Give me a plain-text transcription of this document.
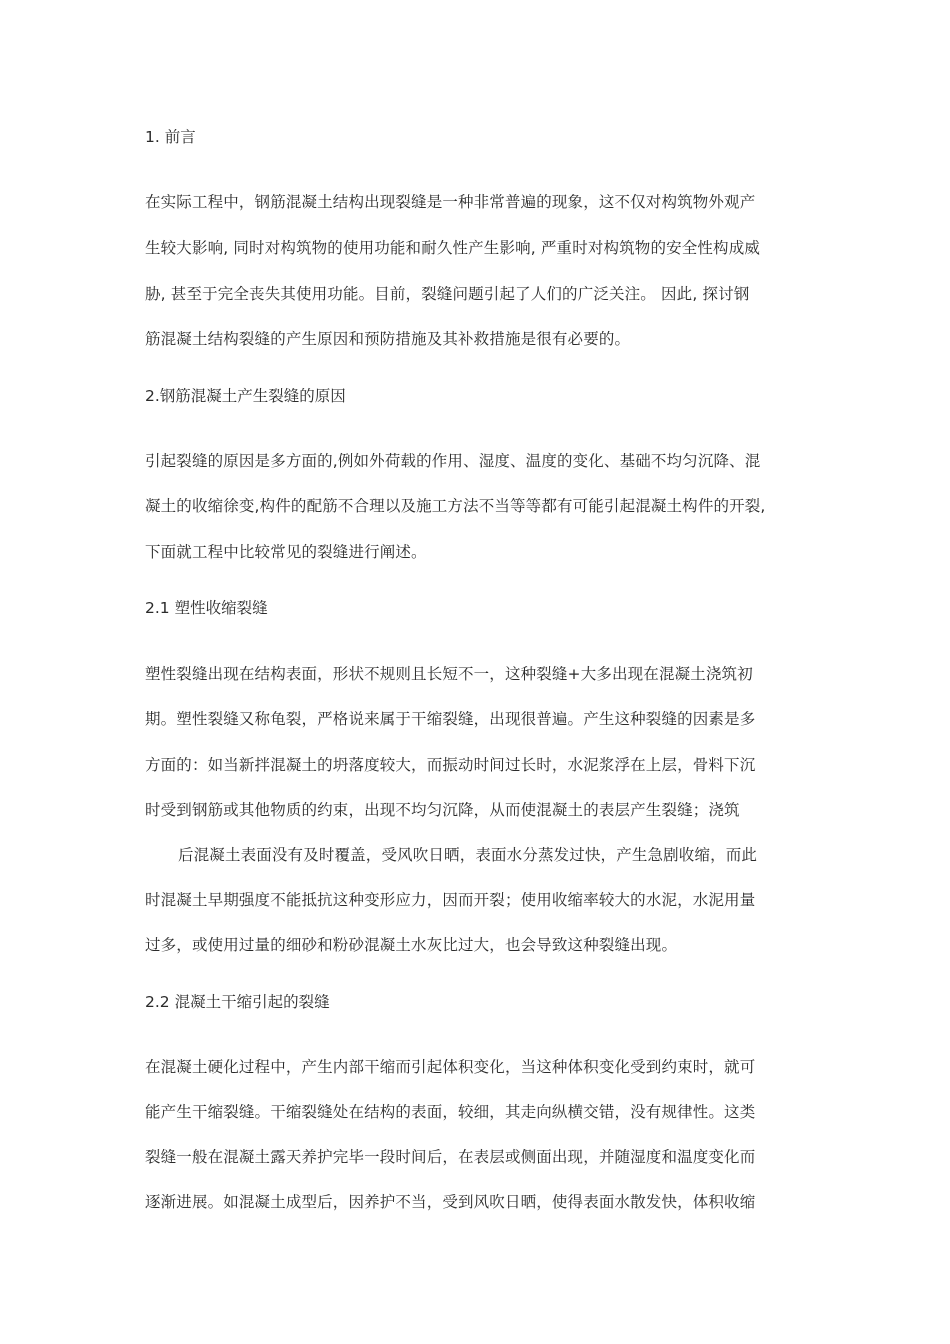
1. 前言
在实际工程中，钢筋混凝土结构出现裂缝是一种非常普遍的现象，这不仅对构筑物外观产
生较大影响, 同时对构筑物的使用功能和耐久性产生影响, 严重时对构筑物的安全性构成威
胁, 甚至于完全丧失其使用功能。目前，裂缝问题引起了人们的广泛关注。 因此, 探讨钢
筋混凝土结构裂缝的产生原因和预防措施及其补救措施是很有必要的。
2.钢筋混凝土产生裂缝的原因
引起裂缝的原因是多方面的,例如外荷载的作用、湿度、温度的变化、基础不均匀沉降、混
凝土的收缩徐变,构件的配筋不合理以及施工方法不当等等都有可能引起混凝土构件的开裂,
下面就工程中比较常见的裂缝进行阐述。
2.1 塑性收缩裂缝
塑性裂缝出现在结构表面，形状不规则且长短不一，这种裂缝+大多出现在混凝土浇筑初
期。塑性裂缝又称龟裂，严格说来属于干缩裂缝，出现很普遍。产生这种裂缝的因素是多
方面的：如当新拌混凝土的坍落度较大，而振动时间过长时，水泥浆浮在上层，骨料下沉
时受到钢筋或其他物质的约束，出现不均匀沉降，从而使混凝土的表层产生裂缝；浇筑
后混凝土表面没有及时覆盖，受风吹日晒，表面水分蒸发过快，产生急剧收缩，而此
时混凝土早期强度不能抵抗这种变形应力，因而开裂；使用收缩率较大的水泥，水泥用量
过多，或使用过量的细砂和粉砂混凝土水灰比过大，也会导致这种裂缝出现。
2.2 混凝土干缩引起的裂缝
在混凝土硬化过程中，产生内部干缩而引起体积变化，当这种体积变化受到约束时，就可
能产生干缩裂缝。干缩裂缝处在结构的表面，较细，其走向纵横交错，没有规律性。这类
裂缝一般在混凝土露天养护完毕一段时间后，在表层或侧面出现，并随湿度和温度变化而
逐渐进展。如混凝土成型后，因养护不当，受到风吹日晒，使得表面水散发快，体积收缩
